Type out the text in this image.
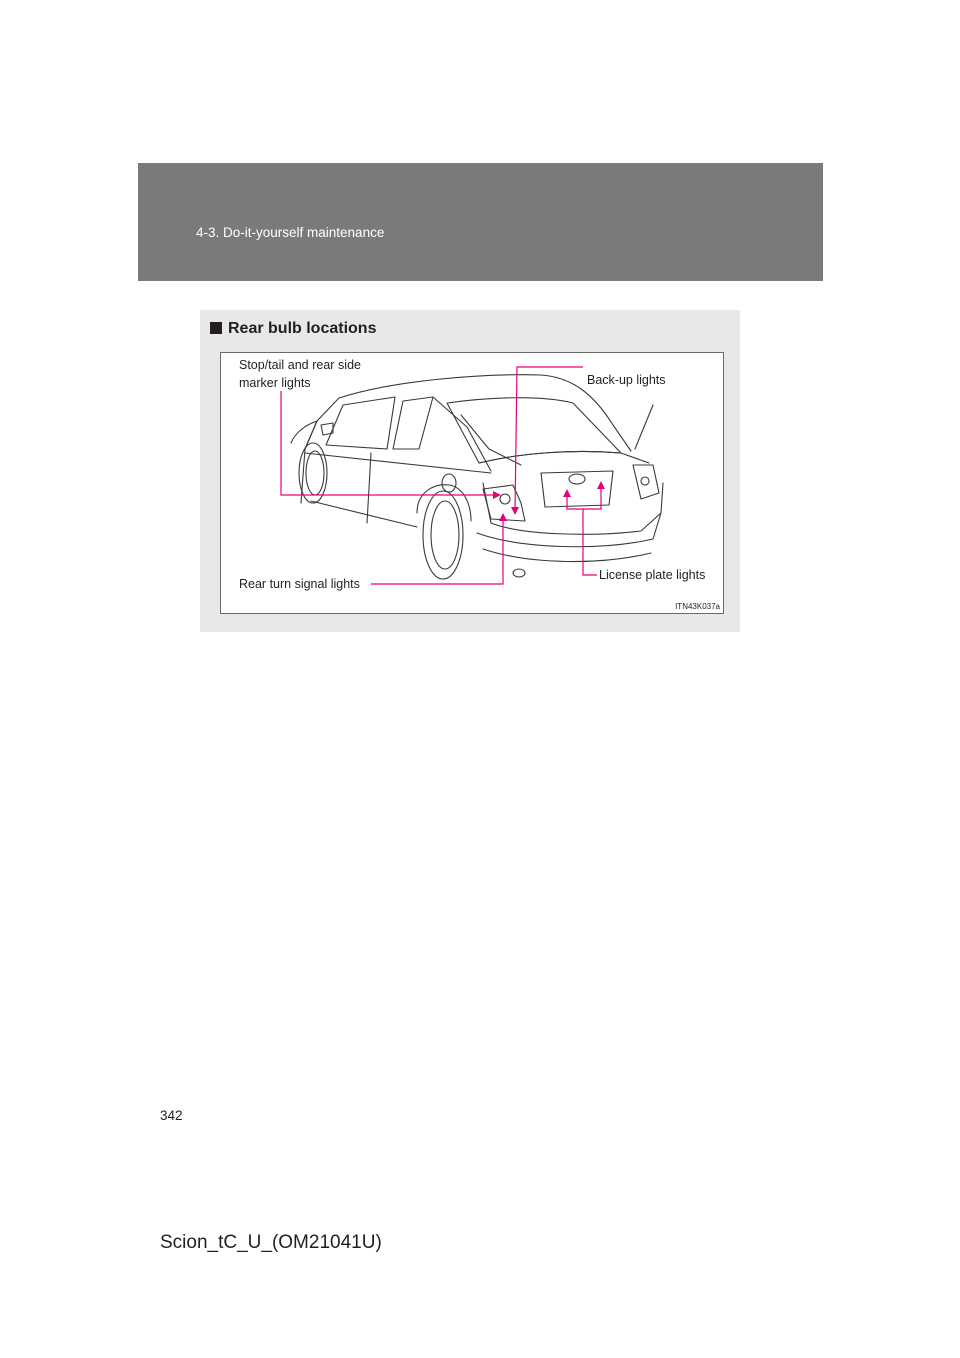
4-3. Do-it-yourself maintenance
Rear bulb locations
Stop/tail and rear side marker lights	Back-up lights
Rear turn signal lights
License plate lights
ITN43K037a
342
Scion_tC_U_(OM21041U)
